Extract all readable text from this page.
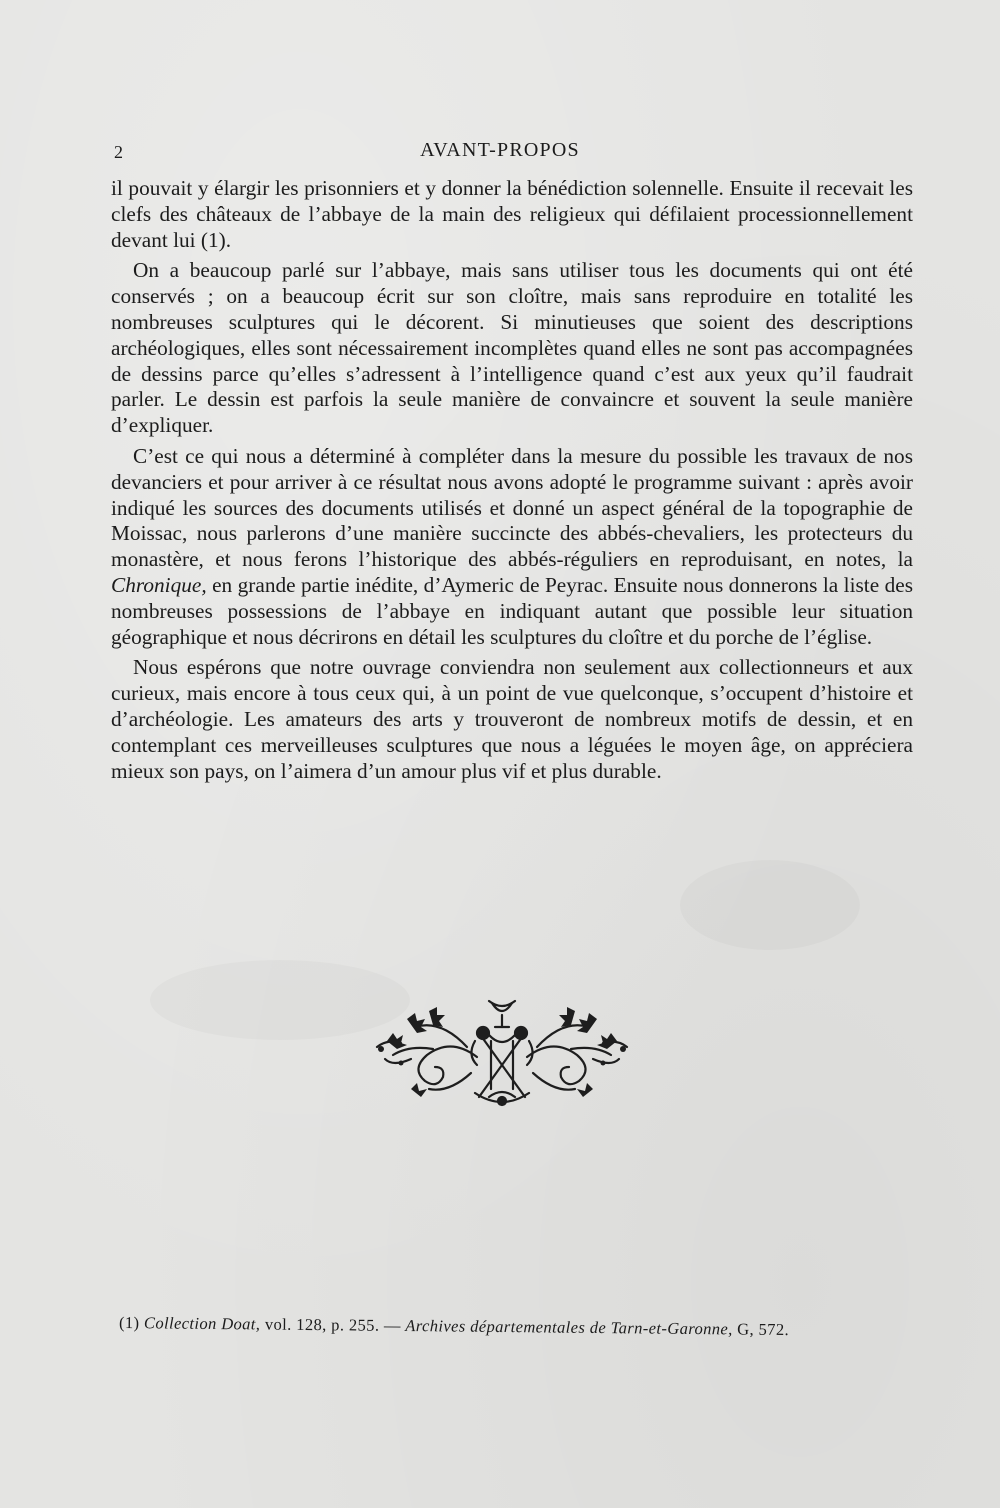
2	AVANT-PROPOS

il pouvait y élargir les prisonniers et y donner la bénédiction solennelle. Ensuite il recevait les clefs des châteaux de l’abbaye de la main des religieux qui défilaient processionnellement devant lui (1).

On a beaucoup parlé sur l’abbaye, mais sans utiliser tous les documents qui ont été conservés ; on a beaucoup écrit sur son cloître, mais sans reproduire en totalité les nombreuses sculptures qui le décorent. Si minutieuses que soient des descriptions archéologiques, elles sont nécessairement incomplètes quand elles ne sont pas accompagnées de dessins parce qu’elles s’adressent à l’intelligence quand c’est aux yeux qu’il faudrait parler. Le dessin est parfois la seule manière de convaincre et souvent la seule manière d’expliquer.

C’est ce qui nous a déterminé à compléter dans la mesure du possible les travaux de nos devanciers et pour arriver à ce résultat nous avons adopté le programme suivant : après avoir indiqué les sources des documents utilisés et donné un aspect général de la topographie de Moissac, nous parlerons d’une manière succincte des abbés-chevaliers, les protecteurs du monastère, et nous ferons l’historique des abbés-réguliers en reproduisant, en notes, la Chronique, en grande partie inédite, d’Aymeric de Peyrac. Ensuite nous donnerons la liste des nombreuses possessions de l’abbaye en indiquant autant que possible leur situation géographique et nous décrirons en détail les sculptures du cloître et du porche de l’église.

Nous espérons que notre ouvrage conviendra non seulement aux collectionneurs et aux curieux, mais encore à tous ceux qui, à un point de vue quelconque, s’occupent d’histoire et d’archéologie. Les amateurs des arts y trouveront de nombreux motifs de dessin, et en contemplant ces merveilleuses sculptures que nous a léguées le moyen âge, on appréciera mieux son pays, on l’aimera d’un amour plus vif et plus durable.

(1) Collection Doat, vol. 128, p. 255. — Archives départementales de Tarn-et-Garonne, G, 572.
